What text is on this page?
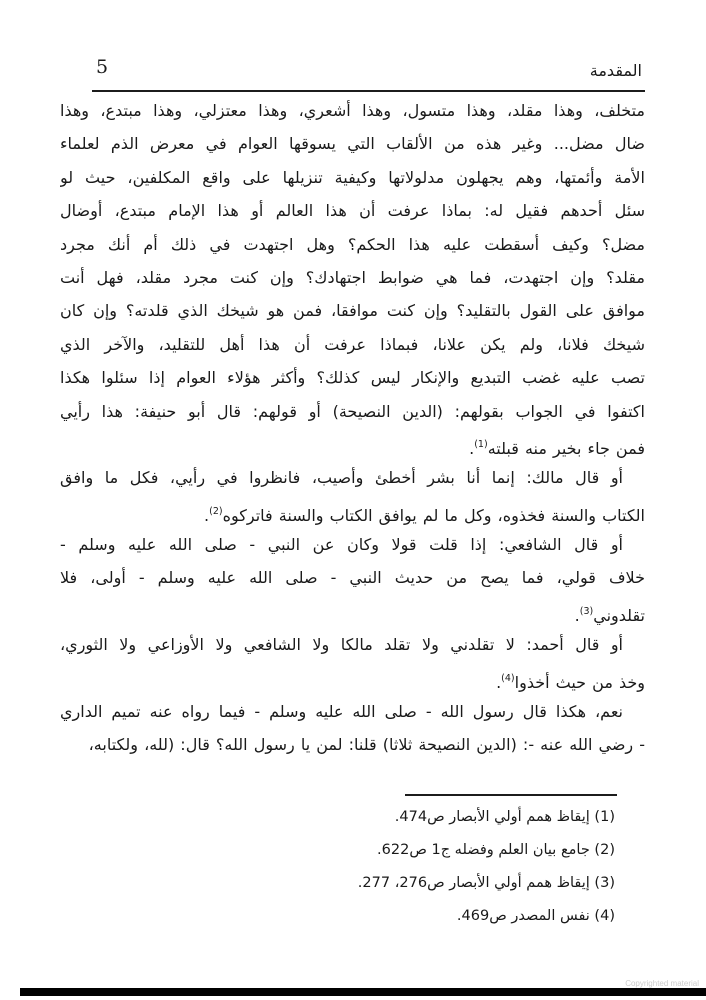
5	المقدمة
متخلف، وهذا مقلد، وهذا متسول، وهذا أشعري، وهذا معتزلي، وهذا مبتدع، وهذا
ضال مضل... وغير هذه من الألقاب التي يسوقها العوام في معرض الذم لعلماء
الأمة وأئمتها، وهم يجهلون مدلولاتها وكيفية تنزيلها على واقع المكلفين، حيث لو
سئل أحدهم فقيل له: بماذا عرفت أن هذا العالم أو هذا الإمام مبتدع، أوضال
مضل؟ وكيف أسقطت عليه هذا الحكم؟ وهل اجتهدت في ذلك أم أنك مجرد
مقلد؟ وإن اجتهدت، فما هي ضوابط اجتهادك؟ وإن كنت مجرد مقلد، فهل أنت
موافق على القول بالتقليد؟ وإن كنت موافقا، فمن هو شيخك الذي قلدته؟ وإن كان
شيخك فلانا، ولم يكن علانا، فبماذا عرفت أن هذا أهل للتقليد، والآخر الذي
تصب عليه غضب التبديع والإنكار ليس كذلك؟ وأكثر هؤلاء العوام إذا سئلوا هكذا
اكتفوا في الجواب بقولهم: (الدين النصيحة) أو قولهم: قال أبو حنيفة: هذا رأيي
فمن جاء بخير منه قبلته$^{(1)}$.
أو قال مالك: إنما أنا بشر أخطئ وأصيب، فانظروا في رأيي، فكل ما وافق
الكتاب والسنة فخذوه، وكل ما لم يوافق الكتاب والسنة فاتركوه$^{(2)}$.
أو قال الشافعي: إذا قلت قولا وكان عن النبي - صلى الله عليه وسلم -
خلاف قولي، فما يصح من حديث النبي - صلى الله عليه وسلم - أولى، فلا
تقلدوني$^{(3)}$.
أو قال أحمد: لا تقلدني ولا تقلد مالكا ولا الشافعي ولا الأوزاعي ولا الثوري،
وخذ من حيث أخذوا$^{(4)}$.
نعم، هكذا قال رسول الله - صلى الله عليه وسلم - فيما رواه عنه تميم الداري
- رضي الله عنه -: (الدين النصيحة ثلاثا) قلنا: لمن يا رسول الله؟ قال: (لله، ولكتابه،
(1) إيقاظ همم أولي الأبصار ص474.
(2) جامع بيان العلم وفضله ج1 ص622.
(3) إيقاظ همم أولي الأبصار ص276، 277.
(4) نفس المصدر ص469.
Copyrighted material
